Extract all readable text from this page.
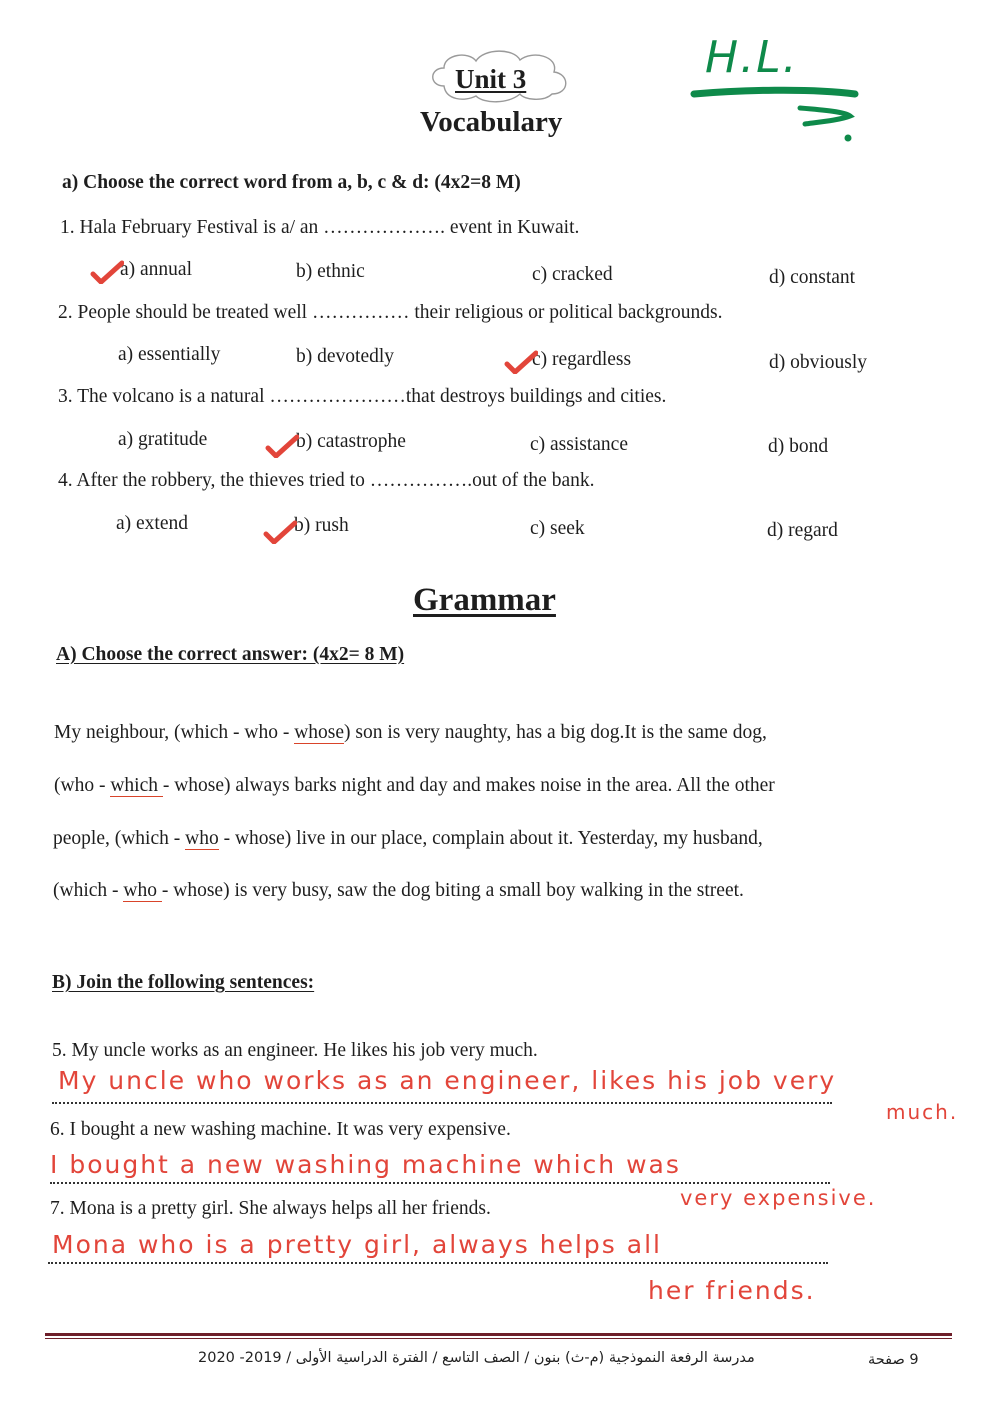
Unit 3
Vocabulary
H.L.
a) Choose the correct word from a, b, c & d: (4x2=8 M)
1. Hala February Festival is a/ an ………………. event in Kuwait.
a) annual	b) ethnic	c) cracked	d) constant
2. People should be treated well …………… their religious or political backgrounds.
a) essentially	b) devotedly	c) regardless	d) obviously
3. The volcano is a natural …………………that destroys buildings and cities.
a) gratitude	b) catastrophe	c) assistance	d) bond
4. After the robbery, the thieves tried to …………….out of the bank.
a) extend	b) rush	c) seek	d) regard
Grammar
A) Choose the correct answer: (4x2= 8 M)
My neighbour, (which - who - whose) son is very naughty, has a big dog.It is the same dog,
(who - which - whose) always barks night and day and makes noise in the area. All the other
people, (which - who - whose) live in our place, complain about it. Yesterday, my husband,
(which - who - whose) is very busy, saw the dog biting a small boy walking in the street.
B) Join the following sentences:
5. My uncle works as an engineer. He likes his job very much.
My uncle who works as an engineer, likes his job very
much.
6. I bought a new washing machine. It was very expensive.
I bought a new washing machine which was
very expensive.
7. Mona is a pretty girl. She always helps all her friends.
Mona who is a pretty girl, always helps all
her friends.
مدرسة الرفعة النموذجية (م-ث) بنون / الصف التاسع / الفترة الدراسية الأولى / 2019- 2020	9 صفحة
